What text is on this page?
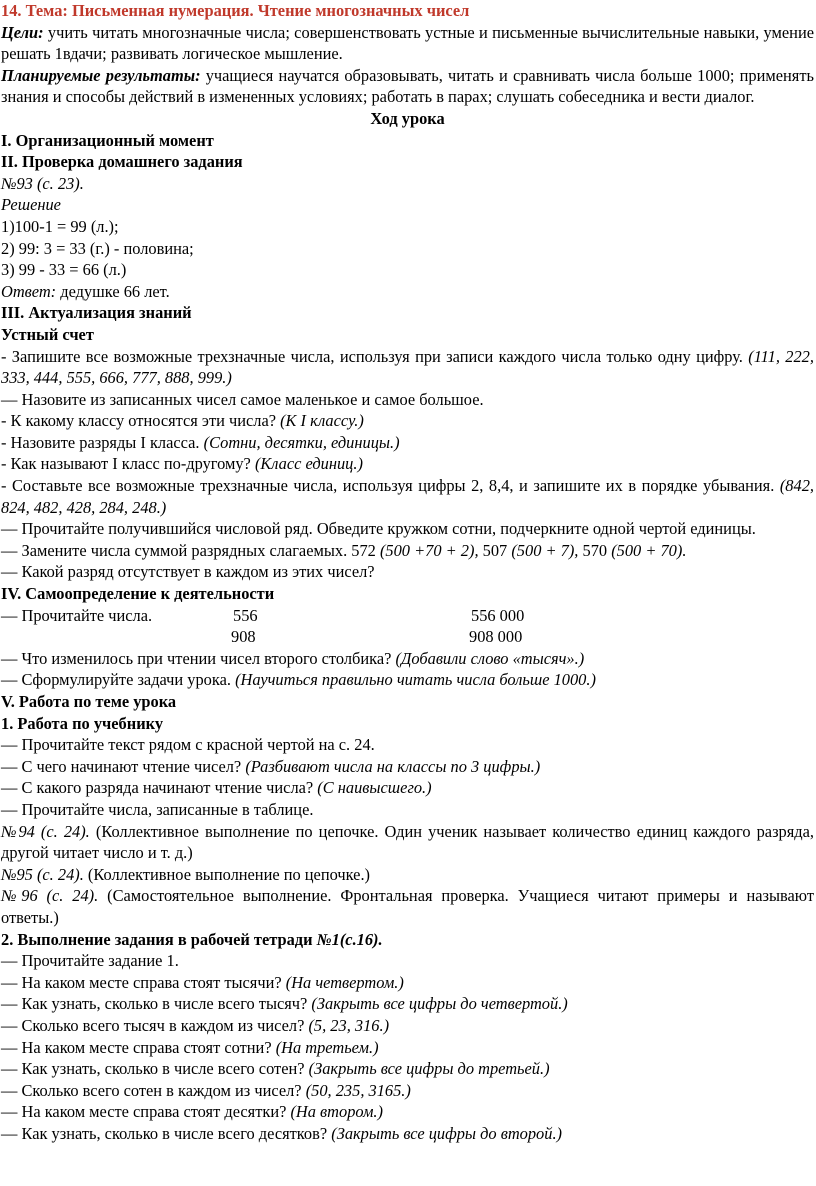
14. Тема: Письменная нумерация. Чтение многозначных чисел
Цели: учить читать многозначные числа; совершенствовать устные и письменные вычислительные навыки, умение решать 1вдачи; развивать логическое мышление.
Планируемые результаты: учащиеся научатся образовывать, читать и сравнивать числа больше 1000; применять знания и способы действий в измененных условиях; работать в парах; слушать собеседника и вести диалог.
Ход урока
I. Организационный момент
II. Проверка домашнего задания
№93 (с. 23).
Решение
1)100-1 = 99 (л.);
2) 99: 3 = 33 (г.) - половина;
3) 99 - 33 = 66 (л.)
Ответ: дедушке 66 лет.
III. Актуализация знаний
Устный счет
- Запишите все возможные трехзначные числа, используя при записи каждого числа только одну цифру. (111, 222, 333, 444, 555, 666, 777, 888, 999.)
— Назовите из записанных чисел самое маленькое и самое большое.
- К какому классу относятся эти числа? (К I классу.)
- Назовите разряды I класса. (Сотни, десятки, единицы.)
- Как называют I класс по-другому? (Класс единиц.)
- Составьте все возможные трехзначные числа, используя цифры 2, 8,4, и запишите их в порядке убывания. (842, 824, 482, 428, 284, 248.)
— Прочитайте получившийся числовой ряд. Обведите кружком сотни, подчеркните одной чертой единицы.
— Замените числа суммой разрядных слагаемых. 572 (500 +70 + 2), 507 (500 + 7), 570 (500 + 70).
— Какой разряд отсутствует в каждом из этих чисел?
IV. Самоопределение к деятельности
— Прочитайте числа.	556	556 000
908	908 000
— Что изменилось при чтении чисел второго столбика? (Добавили слово «тысяч».)
— Сформулируйте задачи урока. (Научиться правильно читать числа больше 1000.)
V. Работа по теме урока
1. Работа по учебнику
— Прочитайте текст рядом с красной чертой на с. 24.
— С чего начинают чтение чисел? (Разбивают числа на классы по 3 цифры.)
— С какого разряда начинают чтение числа? (С наивысшего.)
— Прочитайте числа, записанные в таблице.
№94 (с. 24). (Коллективное выполнение по цепочке. Один ученик называет количество единиц каждого разряда, другой читает число и т. д.)
№95 (с. 24). (Коллективное выполнение по цепочке.)
№96 (с. 24). (Самостоятельное выполнение. Фронтальная проверка. Учащиеся читают примеры и называют ответы.)
2. Выполнение задания в рабочей тетради №1(с.16).
— Прочитайте задание 1.
— На каком месте справа стоят тысячи? (На четвертом.)
— Как узнать, сколько в числе всего тысяч? (Закрыть все цифры до четвертой.)
— Сколько всего тысяч в каждом из чисел? (5, 23, 316.)
— На каком месте справа стоят сотни? (На третьем.)
— Как узнать, сколько в числе всего сотен? (Закрыть все цифры до третьей.)
— Сколько всего сотен в каждом из чисел? (50, 235, 3165.)
— На каком месте справа стоят десятки? (На втором.)
— Как узнать, сколько в числе всего десятков? (Закрыть все цифры до второй.)
